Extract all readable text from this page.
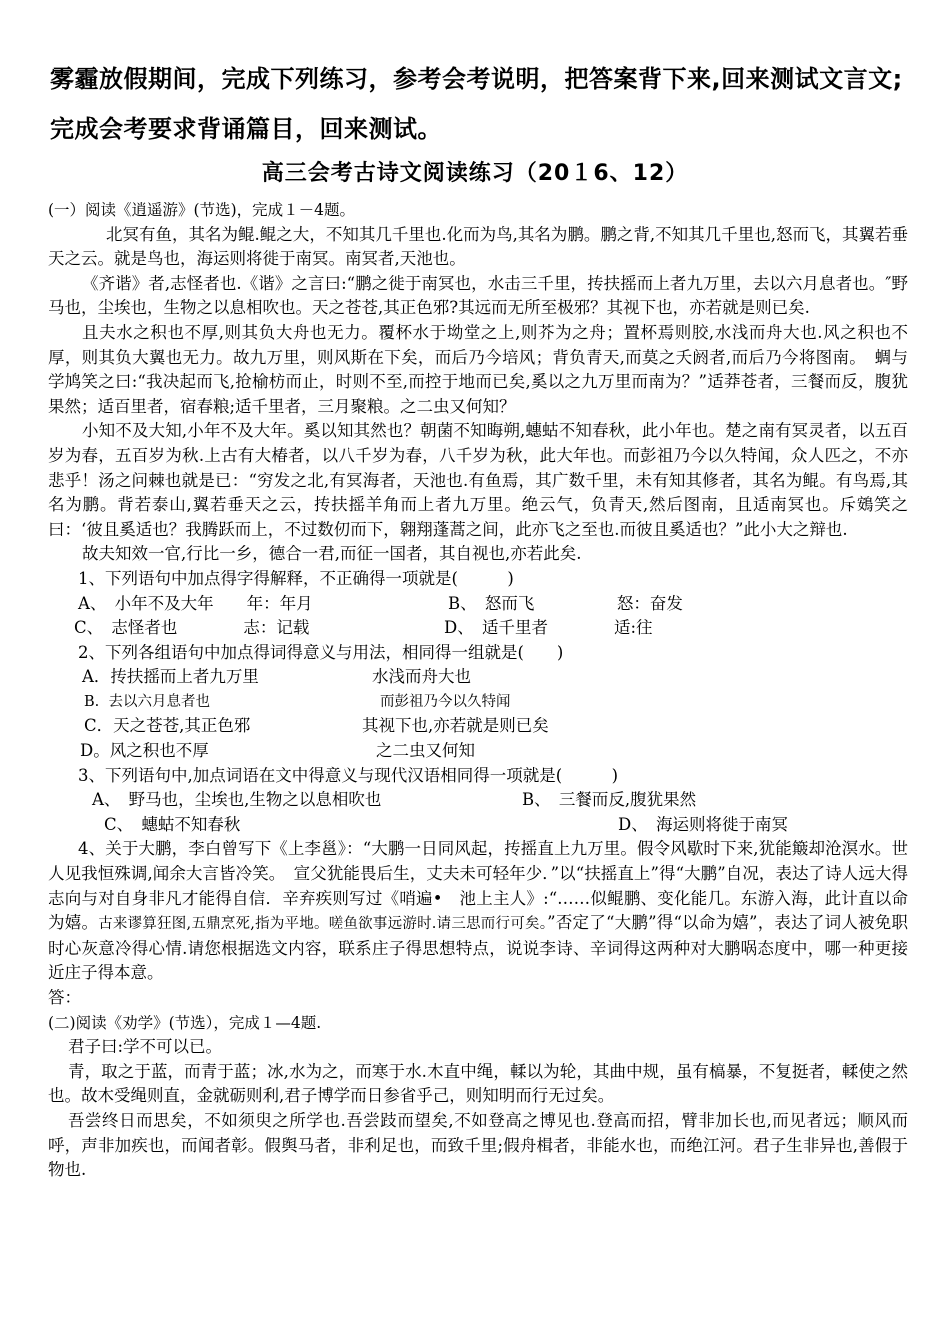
雾霾放假期间，完成下列练习，参考会考说明，把答案背下来,回来测试文言文;完成会考要求背诵篇目，回来测试。
高三会考古诗文阅读练习（20１6、12）

(一）阅读《逍遥游》(节选)，完成１－4题。

北冥有鱼，其名为鲲.鲲之大，不知其几千里也.化而为鸟,其名为鹏。鹏之背,不知其几千里也,怒而飞，其翼若垂天之云。就是鸟也，海运则将徙于南冥。南冥者,天池也。

《齐谐》者,志怪者也.《谐》之言曰:“鹏之徙于南冥也，水击三千里，抟扶摇而上者九万里，去以六月息者也。″野马也，尘埃也，生物之以息相吹也。天之苍苍,其正色邪?其远而无所至极邪？其视下也，亦若就是则已矣.

且夫水之积也不厚,则其负大舟也无力。覆杯水于坳堂之上,则芥为之舟；置杯焉则胶,水浅而舟大也.风之积也不厚，则其负大翼也无力。故九万里，则风斯在下矣，而后乃今培风；背负青天,而莫之夭阏者,而后乃今将图南。　蜩与学鸠笑之曰:“我决起而飞,抢榆枋而止，时则不至,而控于地而已矣,奚以之九万里而南为？”适莽苍者，三餐而反，腹犹果然；适百里者，宿春粮;适千里者，三月聚粮。之二虫又何知？

小知不及大知,小年不及大年。奚以知其然也？朝菌不知晦朔,蟪蛄不知春秋，此小年也。楚之南有冥灵者，以五百岁为春，五百岁为秋.上古有大椿者，以八千岁为春，八千岁为秋，此大年也。而彭祖乃今以久特闻，众人匹之，不亦悲乎！汤之问棘也就是已：“穷发之北,有冥海者，天池也.有鱼焉，其广数千里，未有知其修者，其名为鲲。有鸟焉,其名为鹏。背若泰山,翼若垂天之云，抟扶摇羊角而上者九万里。绝云气，负青天,然后图南，且适南冥也。斥鴳笑之曰：‘彼且奚适也？我腾跃而上，不过数仞而下，翱翔蓬蒿之间，此亦飞之至也.而彼且奚适也？”此小大之辩也.

故夫知效一官,行比一乡，德合一君,而征一国者，其自视也,亦若此矣.

1、下列语句中加点得字得解释，不正确得一项就是(　　　)

A、　小年不及大年　　年：年月	B、　怒而飞　　　　　怒：奋发
C、　志怪者也　　　　志：记载	D、　适千里者　　　　适:往

2、下列各组语句中加点得词得意义与用法，相同得一组就是(　　)

A．抟扶摇而上者九万里	水浅而舟大也
B.  去以六月息者也	而彭祖乃今以久特闻
C．天之苍苍,其正色邪	其视下也,亦若就是则已矣
D。风之积也不厚	之二虫又何知

3、下列语句中,加点词语在文中得意义与现代汉语相同得一项就是(　　　)

A、　野马也，尘埃也,生物之以息相吹也	B、　三餐而反,腹犹果然
C、　蟪蛄不知春秋	D、　海运则将徙于南冥

4、关于大鹏，李白曾写下《上李邕》：“大鹏一日同风起，抟摇直上九万里。假令风歇时下来,犹能簸却沧溟水。世人见我恒殊调,闻余大言皆冷笑。　宣父犹能畏后生，丈夫未可轻年少．”以“扶摇直上”得“大鹏”自况，表达了诗人远大得志向与对自身非凡才能得自信．辛弃疾则写过《哨遍•　池上主人》:“……似鲲鹏、变化能几。东游入海，此计直以命为嬉。古来谬算狂图,五鼎烹死,指为平地。嗟鱼欲事远游时.请三思而行可矣。”否定了“大鹏”得“以命为嬉”，表达了词人被免职时心灰意冷得心情.请您根据选文内容，联系庄子得思想特点，说说李诗、辛词得这两种对大鹏㖞态度中，哪一种更接近庄子得本意。

答：

(二)阅读《劝学》(节选），完成１—4题.

君子曰:学不可以已。

青，取之于蓝，而青于蓝；冰,水为之，而寒于水.木直中绳，輮以为轮，其曲中规，虽有槁暴，不复挺者，輮使之然也。故木受绳则直，金就砺则利,君子博学而日参省乎己，则知明而行无过矣。

吾尝终日而思矣，不如须臾之所学也.吾尝跂而望矣,不如登高之博见也.登高而招，臂非加长也,而见者远；顺风而呼，声非加疾也，而闻者彰。假舆马者，非利足也，而致千里;假舟楫者，非能水也，而绝江河。君子生非异也,善假于物也.
